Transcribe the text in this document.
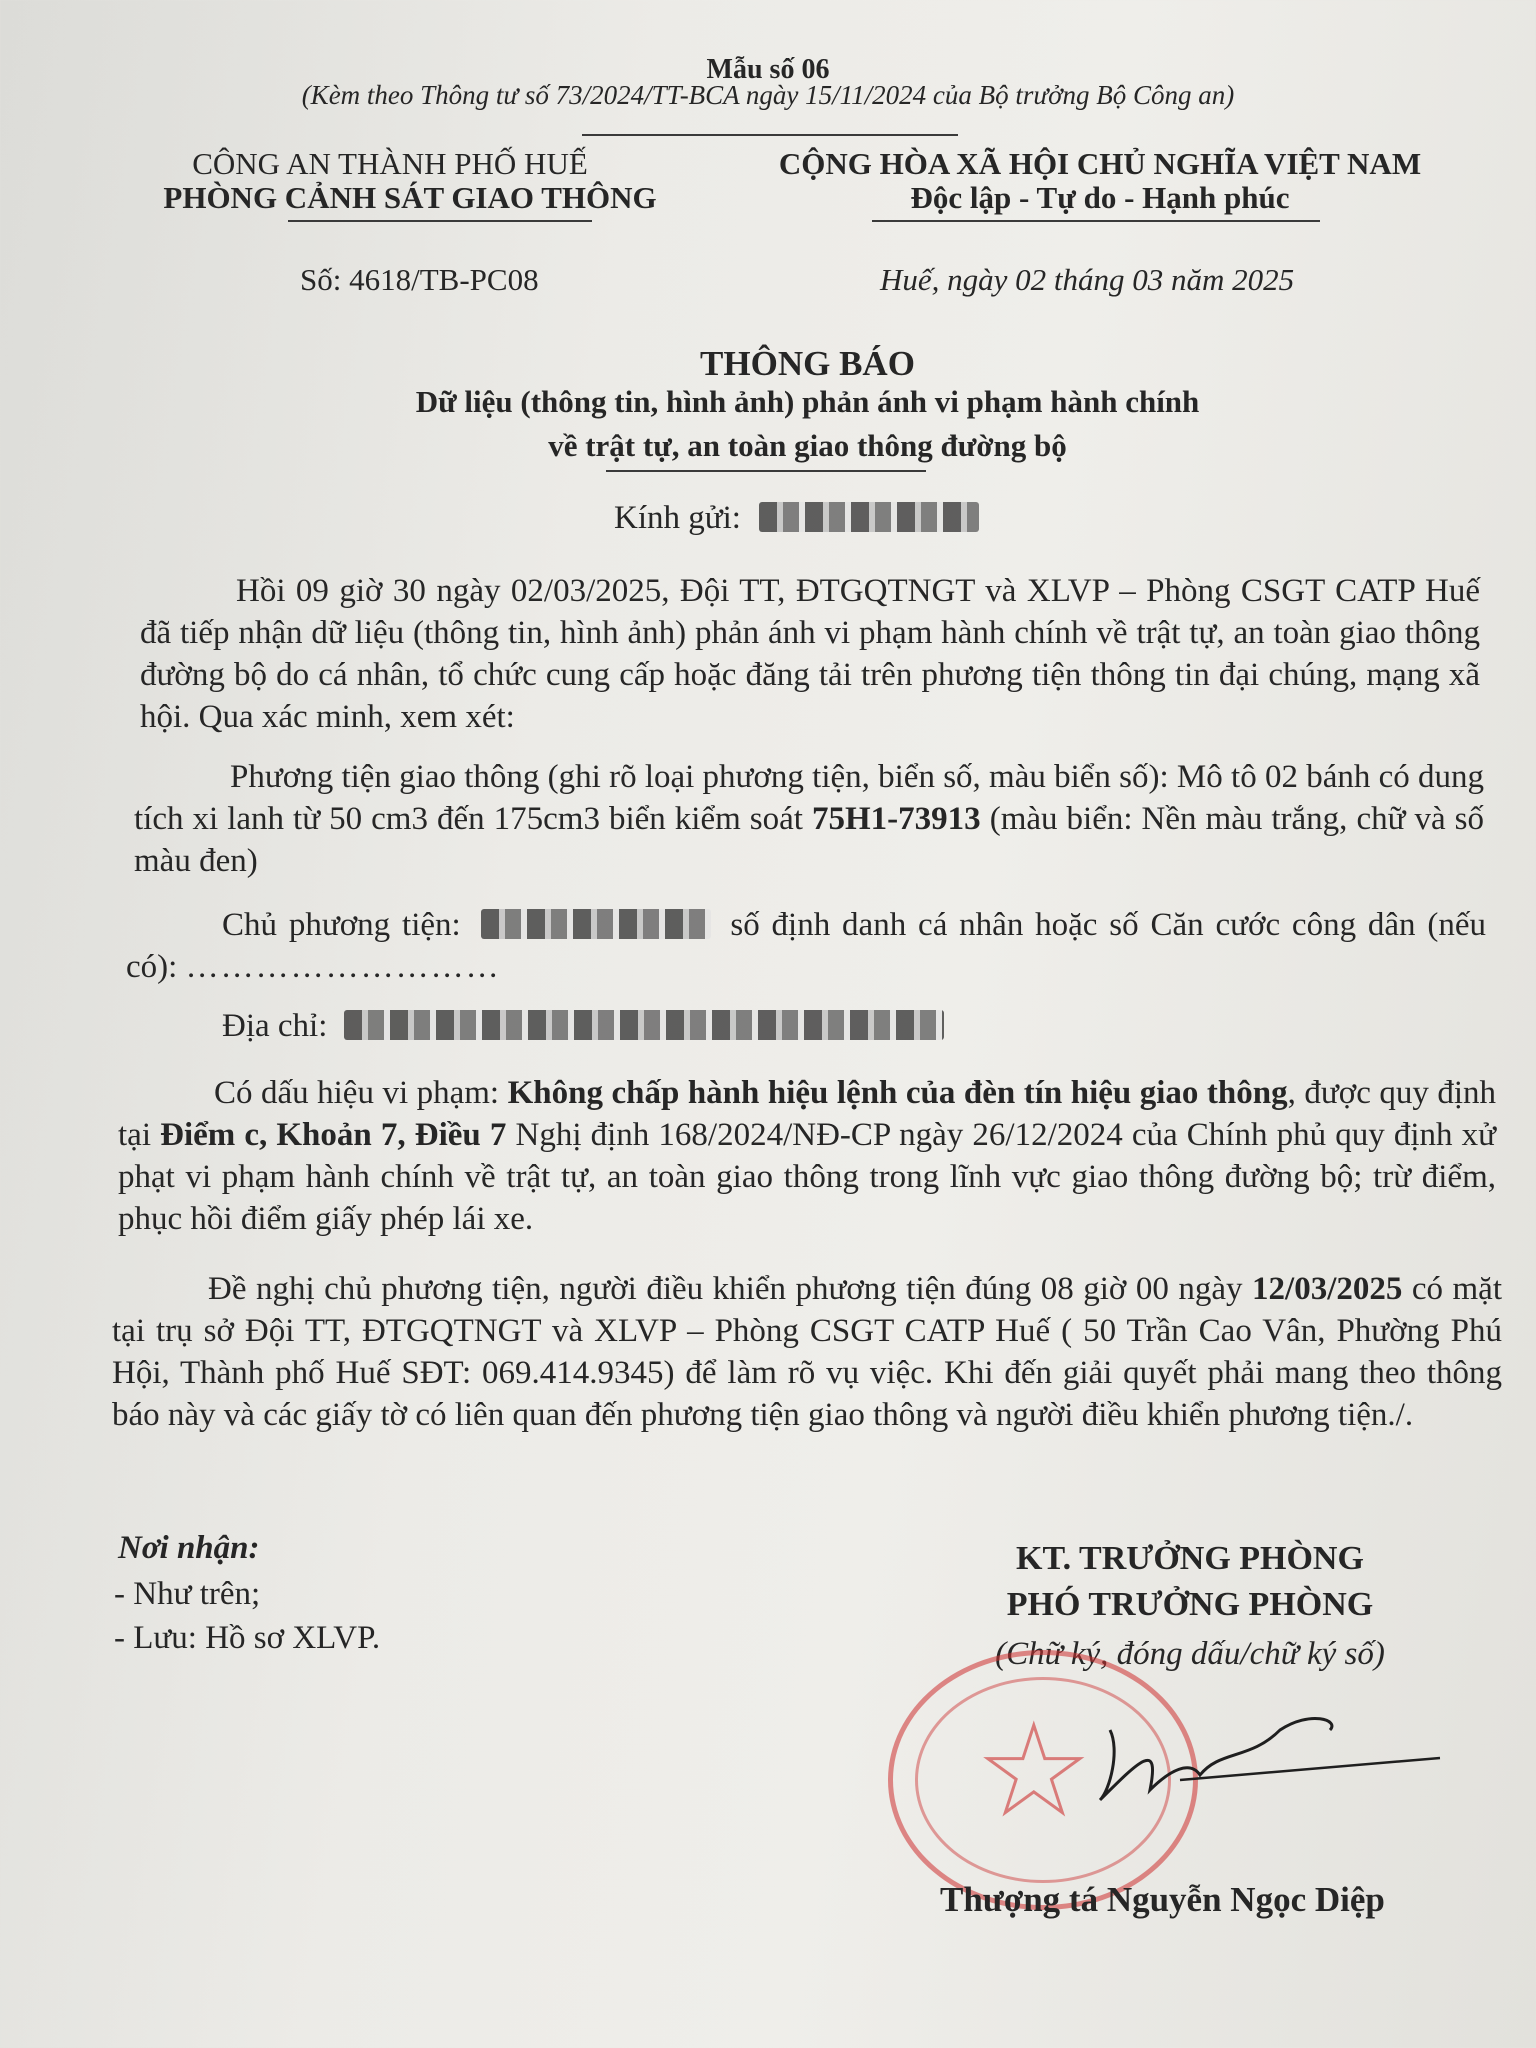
Mẫu số 06
(Kèm theo Thông tư số 73/2024/TT-BCA ngày 15/11/2024 của Bộ trưởng Bộ Công an)
CÔNG AN THÀNH PHỐ HUẾ
PHÒNG CẢNH SÁT GIAO THÔNG
CỘNG HÒA XÃ HỘI CHỦ NGHĨA VIỆT NAM
Độc lập - Tự do - Hạnh phúc
Số: 4618/TB-PC08	Huế, ngày 02 tháng 03 năm 2025
THÔNG BÁO
Dữ liệu (thông tin, hình ảnh) phản ánh vi phạm hành chính
về trật tự, an toàn giao thông đường bộ
Kính gửi:
Hồi 09 giờ 30 ngày 02/03/2025, Đội TT, ĐTGQTNGT và XLVP – Phòng CSGT CATP Huế đã tiếp nhận dữ liệu (thông tin, hình ảnh) phản ánh vi phạm hành chính về trật tự, an toàn giao thông đường bộ do cá nhân, tổ chức cung cấp hoặc đăng tải trên phương tiện thông tin đại chúng, mạng xã hội. Qua xác minh, xem xét:
Phương tiện giao thông (ghi rõ loại phương tiện, biển số, màu biển số): Mô tô 02 bánh có dung tích xi lanh từ 50 cm3 đến 175cm3 biển kiểm soát 75H1-73913 (màu biển: Nền màu trắng, chữ và số màu đen)
Chủ phương tiện:	số định danh cá nhân hoặc số Căn cước công dân (nếu có): ………………………
Địa chỉ:
Có dấu hiệu vi phạm: Không chấp hành hiệu lệnh của đèn tín hiệu giao thông, được quy định tại Điểm c, Khoản 7, Điều 7 Nghị định 168/2024/NĐ-CP ngày 26/12/2024 của Chính phủ quy định xử phạt vi phạm hành chính về trật tự, an toàn giao thông trong lĩnh vực giao thông đường bộ; trừ điểm, phục hồi điểm giấy phép lái xe.
Đề nghị chủ phương tiện, người điều khiển phương tiện đúng 08 giờ 00 ngày 12/03/2025 có mặt tại trụ sở Đội TT, ĐTGQTNGT và XLVP – Phòng CSGT CATP Huế ( 50 Trần Cao Vân, Phường Phú Hội, Thành phố Huế SĐT: 069.414.9345) để làm rõ vụ việc. Khi đến giải quyết phải mang theo thông báo này và các giấy tờ có liên quan đến phương tiện giao thông và người điều khiển phương tiện./.
Nơi nhận:
- Như trên;
- Lưu: Hồ sơ XLVP.
KT. TRƯỞNG PHÒNG
PHÓ TRƯỞNG PHÒNG
(Chữ ký, đóng dấu/chữ ký số)
★
Thượng tá Nguyễn Ngọc Diệp
